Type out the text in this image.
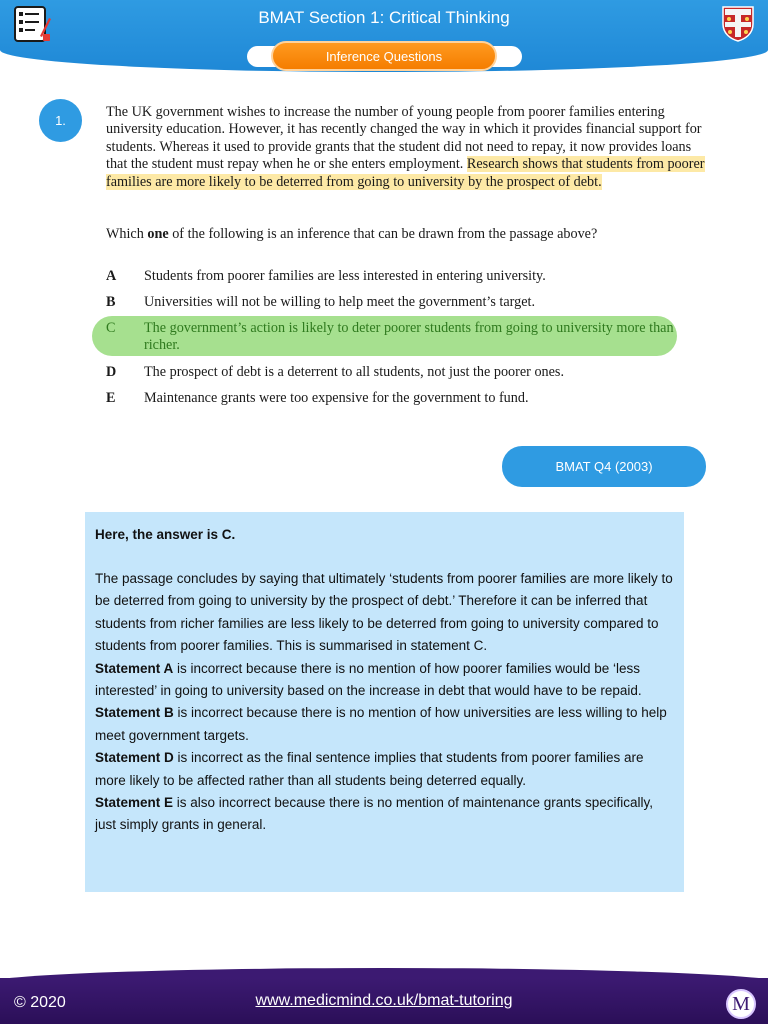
BMAT Section 1: Critical Thinking
Inference Questions
1.
The UK government wishes to increase the number of young people from poorer families entering university education. However, it has recently changed the way in which it provides financial support for students. Whereas it used to provide grants that the student did not need to repay, it now provides loans that the student must repay when he or she enters employment. Research shows that students from poorer families are more likely to be deterred from going to university by the prospect of debt.
Which one of the following is an inference that can be drawn from the passage above?
A Students from poorer families are less interested in entering university.
B Universities will not be willing to help meet the government’s target.
C The government’s action is likely to deter poorer students from going to university more than richer.
D The prospect of debt is a deterrent to all students, not just the poorer ones.
E Maintenance grants were too expensive for the government to fund.
BMAT Q4 (2003)
Here, the answer is C.
The passage concludes by saying that ultimately ‘students from poorer families are more likely to be deterred from going to university by the prospect of debt.’ Therefore it can be inferred that students from richer families are less likely to be deterred from going to university compared to students from poorer families. This is summarised in statement C.
Statement A is incorrect because there is no mention of how poorer families would be ‘less interested’ in going to university based on the increase in debt that would have to be repaid.
Statement B is incorrect because there is no mention of how universities are less willing to help meet government targets.
Statement D is incorrect as the final sentence implies that students from poorer families are more likely to be affected rather than all students being deterred equally.
Statement E is also incorrect because there is no mention of maintenance grants specifically, just simply grants in general.
© 2020	www.medicmind.co.uk/bmat-tutoring	M
